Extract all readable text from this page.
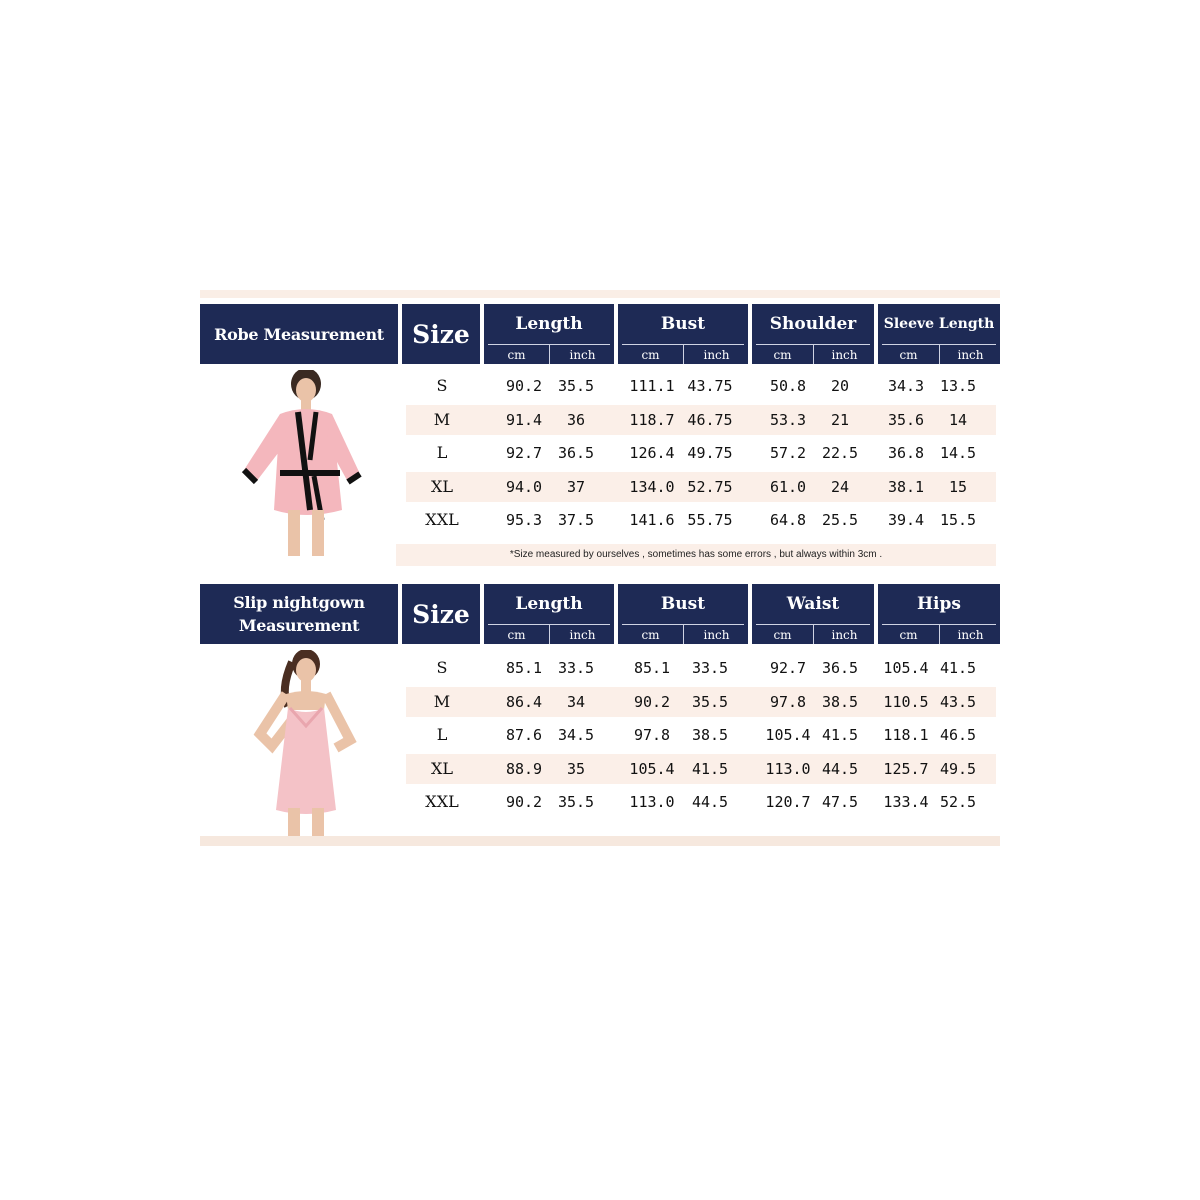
Robe Measurement	Size	Length
cm	inch
Bust
cm	inch
Shoulder
cm	inch
Sleeve Length
cm	inch
S	90.2	35.5	111.1 43.75	50.8	20	34.3	13.5
M	91.4	36	118.7 46.75	53.3	21	35.6	14
L	92.7	36.5	126.4 49.75	57.2	22.5	36.8	14.5
XL	94.0	37	134.0 52.75	61.0	24	38.1	15
XXL	95.3	37.5	141.6 55.75	64.8	25.5	39.4	15.5
*Size measured by ourselves , sometimes has some errors , but always within 3cm .
Slip nightgown Measurement	Size	Length
cm	inch
Bust
cm	inch
Waist
cm	inch
Hips
cm	inch
S	85.1	33.5	85.1	33.5	92.7	36.5	105.4 41.5
M	86.4	34	90.2	35.5	97.8	38.5	110.5 43.5
L	87.6	34.5	97.8	38.5	105.4 41.5	118.1 46.5
XL	88.9	35	105.4	41.5	113.0 44.5	125.7 49.5
XXL	90.2	35.5	113.0	44.5	120.7 47.5	133.4 52.5
